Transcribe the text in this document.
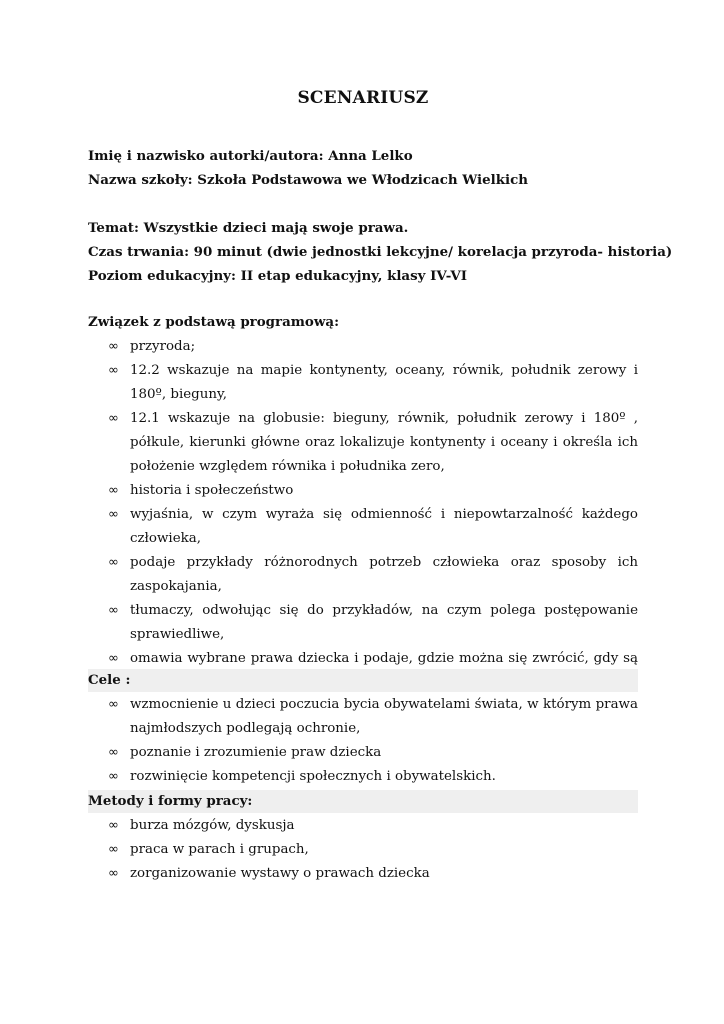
SCENARIUSZ
Imię i nazwisko autorki/autora: Anna Lelko
Nazwa szkoły: Szkoła Podstawowa we Włodzicach Wielkich
Temat: Wszystkie dzieci mają swoje prawa.
Czas trwania: 90 minut (dwie jednostki lekcyjne/ korelacja przyroda- historia)
Poziom edukacyjny: II etap edukacyjny, klasy IV-VI
Związek z podstawą programową:
∞ przyroda;
∞ 12.2 wskazuje na mapie kontynenty, oceany, równik, południk zerowy i 180º, bieguny,
∞ 12.1 wskazuje na globusie: bieguny, równik, południk zerowy i 180º , półkule, kierunki główne oraz lokalizuje kontynenty i oceany i określa ich położenie względem równika i południka zero,
∞ historia i społeczeństwo
∞ wyjaśnia, w czym wyraża się odmienność i niepowtarzalność każdego człowieka,
∞ podaje przykłady różnorodnych potrzeb człowieka oraz sposoby ich zaspokajania,
∞ tłumaczy, odwołując się do przykładów, na czym polega postępowanie sprawiedliwe,
∞ omawia wybrane prawa dziecka i podaje, gdzie można się zwrócić, gdy są
Cele :
∞ wzmocnienie u dzieci poczucia bycia obywatelami świata, w którym prawa najmłodszych podlegają ochronie,
∞ poznanie i zrozumienie praw dziecka
∞ rozwinięcie kompetencji społecznych i obywatelskich.
Metody i formy pracy:
∞ burza mózgów, dyskusja
∞ praca w parach i grupach,
∞ zorganizowanie wystawy o prawach dziecka
